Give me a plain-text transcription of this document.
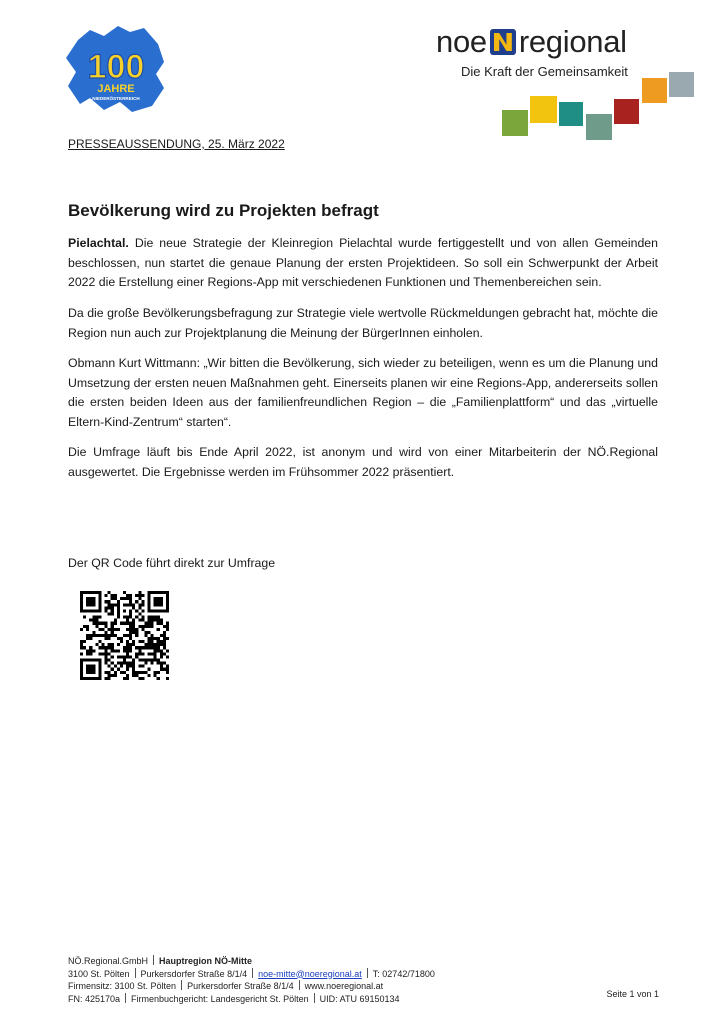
100
JAHRE
NIEDERÖSTERREICH
noe regional
Die Kraft der Gemeinsamkeit
PRESSEAUSSENDUNG, 25. März 2022
Bevölkerung wird zu Projekten befragt
Pielachtal. Die neue Strategie der Kleinregion Pielachtal wurde fertiggestellt und von allen Gemeinden beschlossen, nun startet die genaue Planung der ersten Projektideen. So soll ein Schwerpunkt der Arbeit 2022 die Erstellung einer Regions-App mit verschiedenen Funktionen und Themenbereichen sein.
Da die große Bevölkerungsbefragung zur Strategie viele wertvolle Rückmeldungen gebracht hat, möchte die Region nun auch zur Projektplanung die Meinung der BürgerInnen einholen.
Obmann Kurt Wittmann: „Wir bitten die Bevölkerung, sich wieder zu beteiligen, wenn es um die Planung und Umsetzung der ersten neuen Maßnahmen geht. Einerseits planen wir eine Regions-App, andererseits sollen die ersten beiden Ideen aus der familienfreundlichen Region – die „Familienplattform“ und das „virtuelle Eltern-Kind-Zentrum“ starten“.
Die Umfrage läuft bis Ende April 2022, ist anonym und wird von einer Mitarbeiterin der NÖ.Regional ausgewertet. Die Ergebnisse werden im Frühsommer 2022 präsentiert.
Der QR Code führt direkt zur Umfrage
NÖ.Regional.GmbH Hauptregion NÖ-Mitte
3100 St. Pölten Purkersdorfer Straße 8/1/4 noe-mitte@noeregional.at T: 02742/71800
Firmensitz: 3100 St. Pölten Purkersdorfer Straße 8/1/4 www.noeregional.at
FN: 425170a Firmenbuchgericht: Landesgericht St. Pölten UID: ATU 69150134	Seite 1 von 1
